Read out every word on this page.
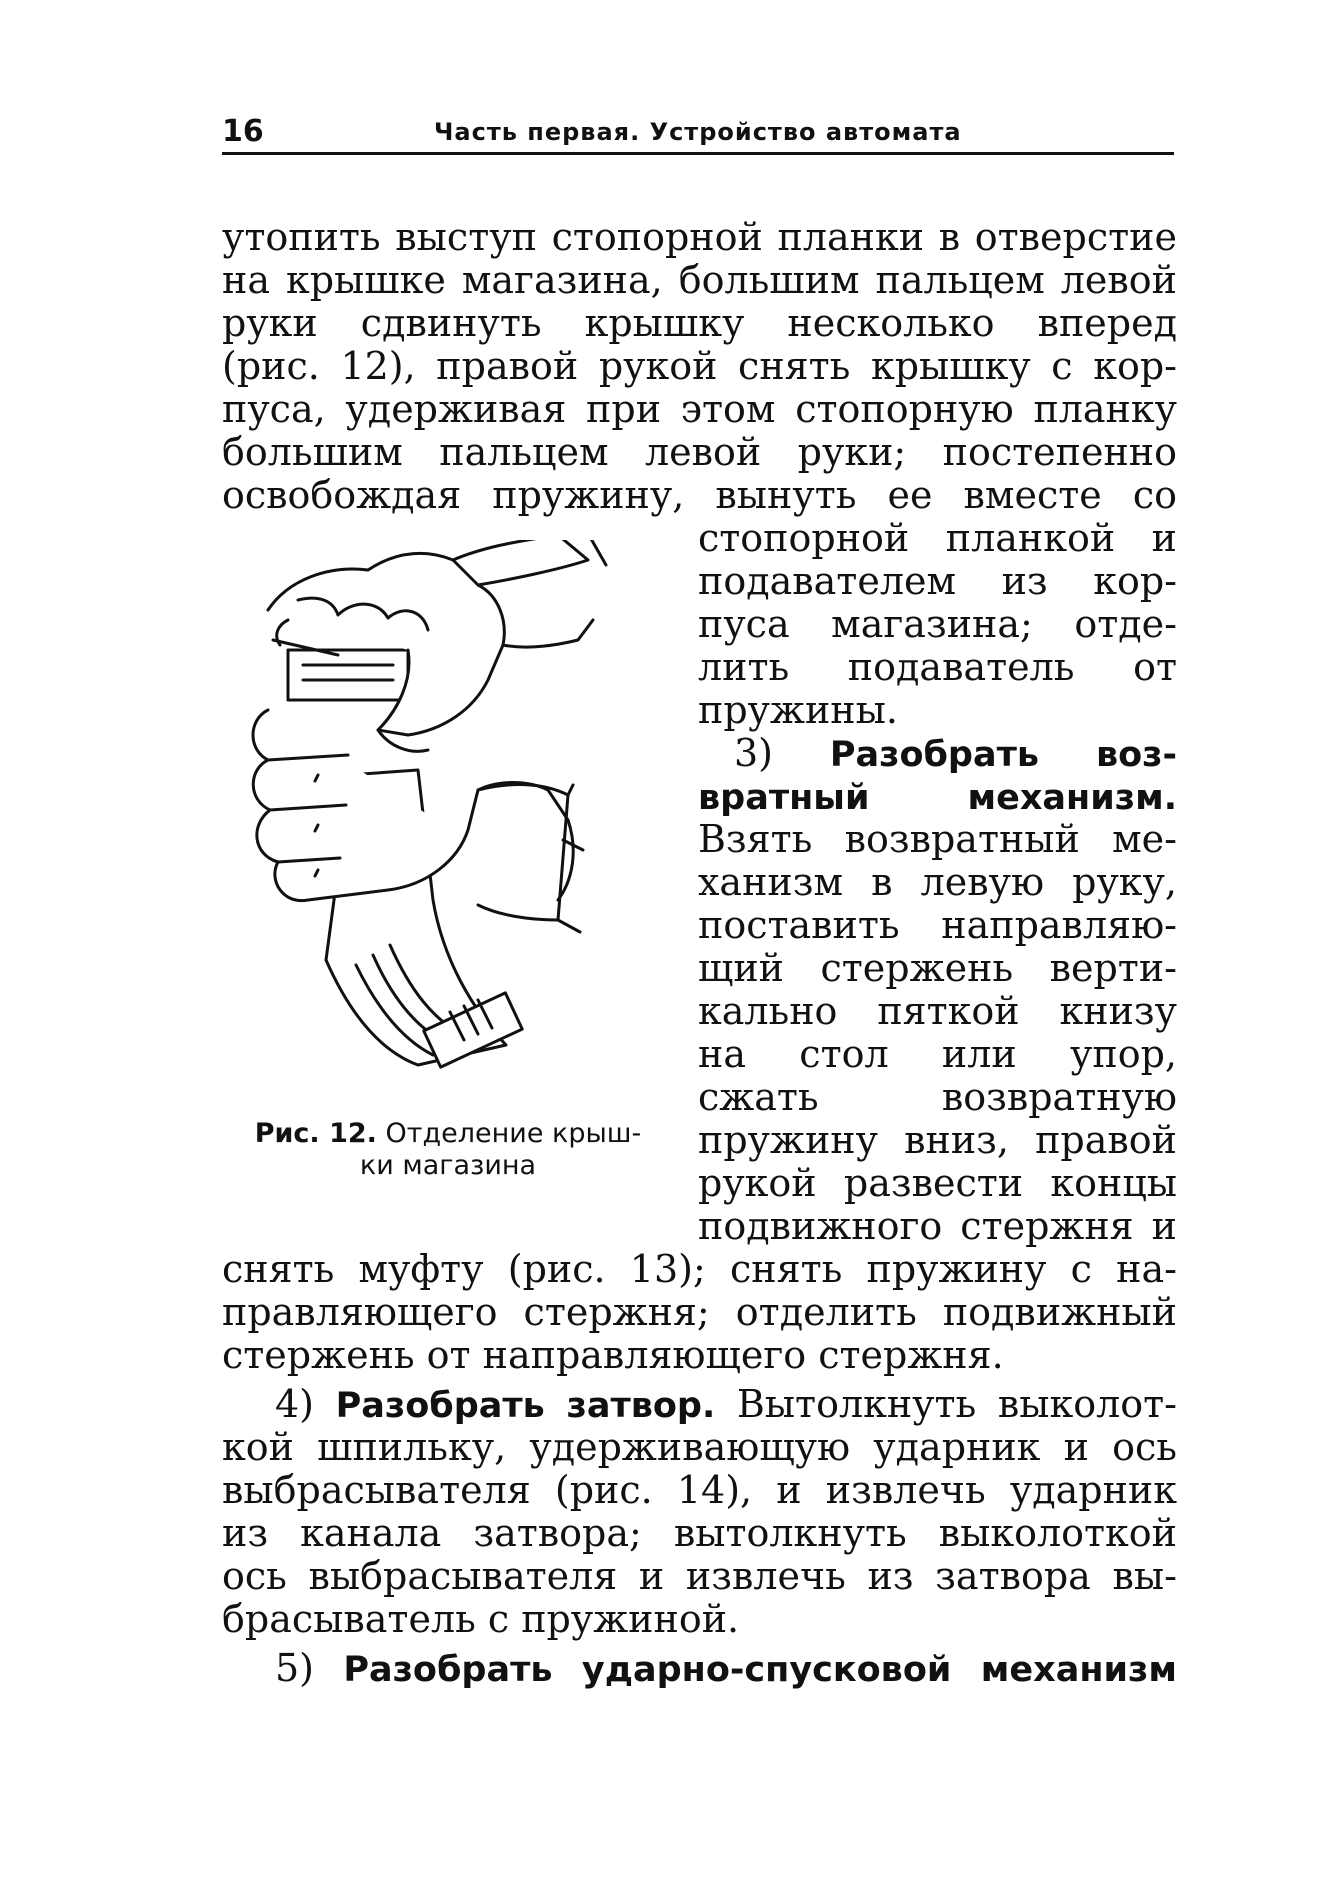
16	Часть первая. Устройство автомата
утопить выступ стопорной планки в отверстие
на крышке магазина, большим пальцем левой
руки сдвинуть крышку несколько вперед
(рис. 12), правой рукой снять крышку с кор-
пуса, удерживая при этом стопорную планку
большим пальцем левой руки; постепенно
освобождая пружину, вынуть ее вместе со
стопорной планкой и
подавателем из кор-
пуса магазина; отде-
лить подаватель от
пружины.
3) Разобрать воз-
вратный механизм.
Взять возвратный ме-
ханизм в левую руку,
поставить направляю-
щий стержень верти-
кально пяткой книзу
на стол или упор,
сжать возвратную
пружину вниз, правой
рукой развести концы
подвижного стержня и
снять муфту (рис. 13); снять пружину с на-
правляющего стержня; отделить подвижный
стержень от направляющего стержня.
4) Разобрать затвор. Вытолкнуть выколот-
кой шпильку, удерживающую ударник и ось
выбрасывателя (рис. 14), и извлечь ударник
из канала затвора; вытолкнуть выколоткой
ось выбрасывателя и извлечь из затвора вы-
брасыватель с пружиной.
5) Разобрать ударно-спусковой механизм
Рис. 12. Отделение крыш-
ки магазина
